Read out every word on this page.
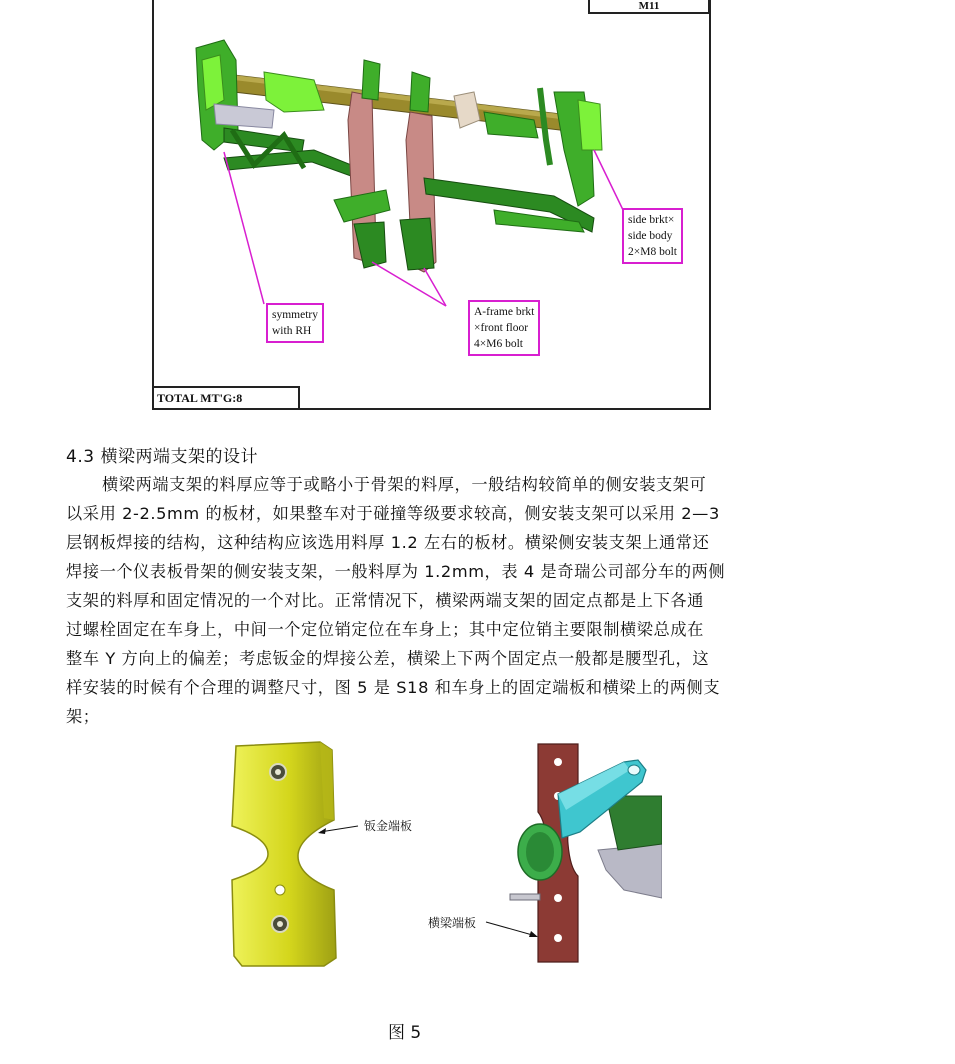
M11
side brkt×
side body
2×M8 bolt
symmetry
with RH
A-frame brkt
×front floor
4×M6 bolt
TOTAL MT'G:8
4.3 横梁两端支架的设计
横梁两端支架的料厚应等于或略小于骨架的料厚，一般结构较简单的侧安装支架可
以采用 2-2.5mm 的板材，如果整车对于碰撞等级要求较高，侧安装支架可以采用 2—3
层钢板焊接的结构，这种结构应该选用料厚 1.2 左右的板材。横梁侧安装支架上通常还
焊接一个仪表板骨架的侧安装支架，一般料厚为 1.2mm，表 4 是奇瑞公司部分车的两侧
支架的料厚和固定情况的一个对比。正常情况下，横梁两端支架的固定点都是上下各通
过螺栓固定在车身上，中间一个定位销定位在车身上；其中定位销主要限制横梁总成在
整车 Y 方向上的偏差；考虑钣金的焊接公差，横梁上下两个固定点一般都是腰型孔，这
样安装的时候有个合理的调整尺寸，图 5 是 S18 和车身上的固定端板和横梁上的两侧支
架；
钣金端板
横梁端板
图 5
